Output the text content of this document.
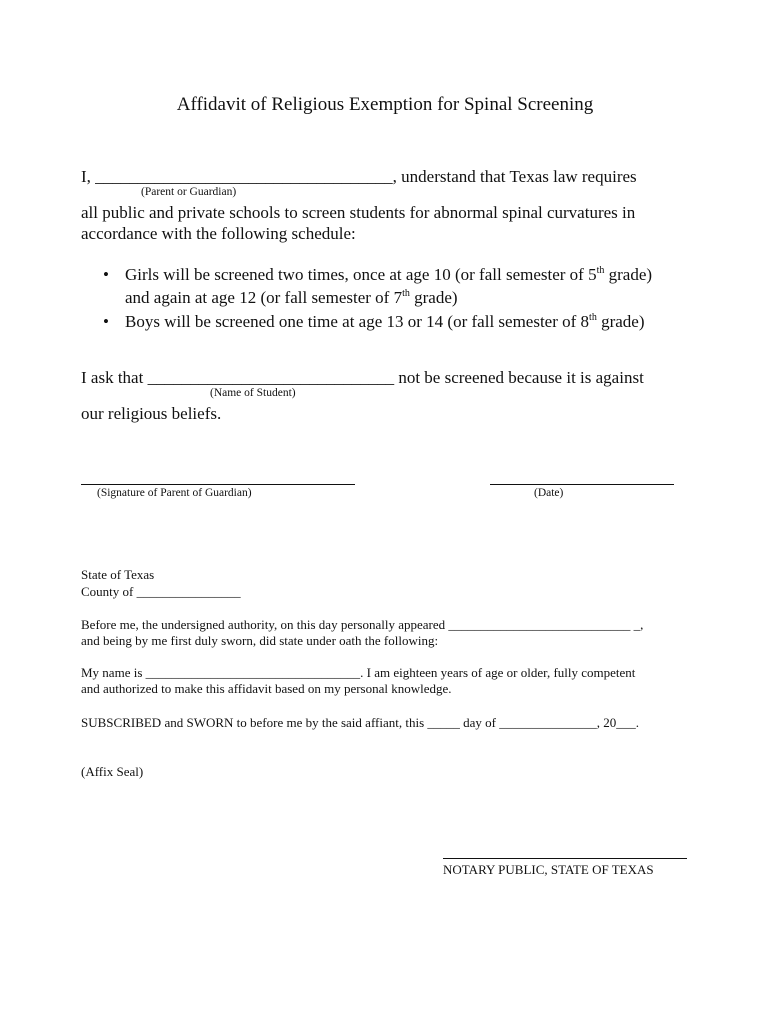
Affidavit of Religious Exemption for Spinal Screening
I, ___________________________________, understand that Texas law requires
(Parent or Guardian)
all public and private schools to screen students for abnormal spinal curvatures in
accordance with the following schedule:
• Girls will be screened two times, once at age 10 (or fall semester of 5th grade)
and again at age 12 (or fall semester of 7th grade)
• Boys will be screened one time at age 13 or 14 (or fall semester of 8th grade)
I ask that _____________________________ not be screened because it is against
(Name of Student)
our religious beliefs.
(Signature of Parent of Guardian)	(Date)
State of Texas
County of ________________
Before me, the undersigned authority, on this day personally appeared ____________________________ _,
and being by me first duly sworn, did state under oath the following:
My name is _________________________________. I am eighteen years of age or older, fully competent
and authorized to make this affidavit based on my personal knowledge.
SUBSCRIBED and SWORN to before me by the said affiant, this _____ day of _______________, 20___.
(Affix Seal)
NOTARY PUBLIC, STATE OF TEXAS
